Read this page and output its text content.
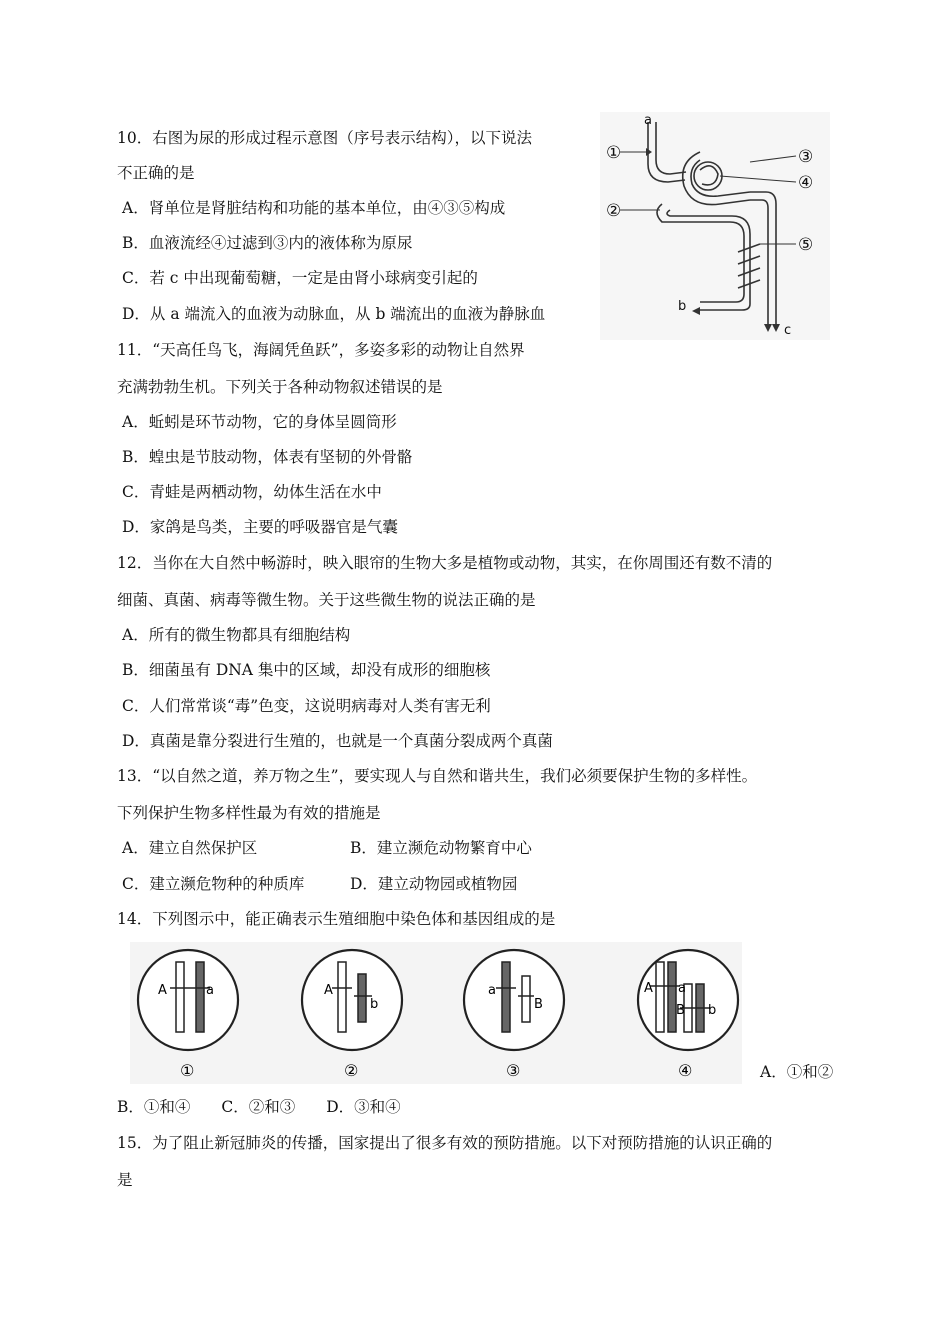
10．右图为尿的形成过程示意图（序号表示结构），以下说法
不正确的是
A．肾单位是肾脏结构和功能的基本单位，由④③⑤构成
B．血液流经④过滤到③内的液体称为原尿
C．若 c 中出现葡萄糖，一定是由肾小球病变引起的
D．从 a 端流入的血液为动脉血，从 b 端流出的血液为静脉血
a
b
c
①
②
③
④
⑤
11．“天高任鸟飞，海阔凭鱼跃”，多姿多彩的动物让自然界
充满勃勃生机。下列关于各种动物叙述错误的是
A．蚯蚓是环节动物，它的身体呈圆筒形
B．蝗虫是节肢动物，体表有坚韧的外骨骼
C．青蛙是两栖动物，幼体生活在水中
D．家鸽是鸟类，主要的呼吸器官是气囊
12．当你在大自然中畅游时，映入眼帘的生物大多是植物或动物，其实，在你周围还有数不清的
细菌、真菌、病毒等微生物。关于这些微生物的说法正确的是
A．所有的微生物都具有细胞结构
B．细菌虽有 DNA 集中的区域，却没有成形的细胞核
C．人们常常谈“毒”色变，这说明病毒对人类有害无利
D．真菌是靠分裂进行生殖的，也就是一个真菌分裂成两个真菌
13．“以自然之道，养万物之生”，要实现人与自然和谐共生，我们必须要保护生物的多样性。
下列保护生物多样性最为有效的措施是
A．建立自然保护区	B．建立濒危动物繁育中心
C．建立濒危物种的种质库	D．建立动物园或植物园
14．下列图示中，能正确表示生殖细胞中染色体和基因组成的是
A	a
①
A
b
②
a
B
③
A a
B b
④	A．①和②
B．①和④　　C．②和③　　D．③和④
15．为了阻止新冠肺炎的传播，国家提出了很多有效的预防措施。以下对预防措施的认识正确的
是
